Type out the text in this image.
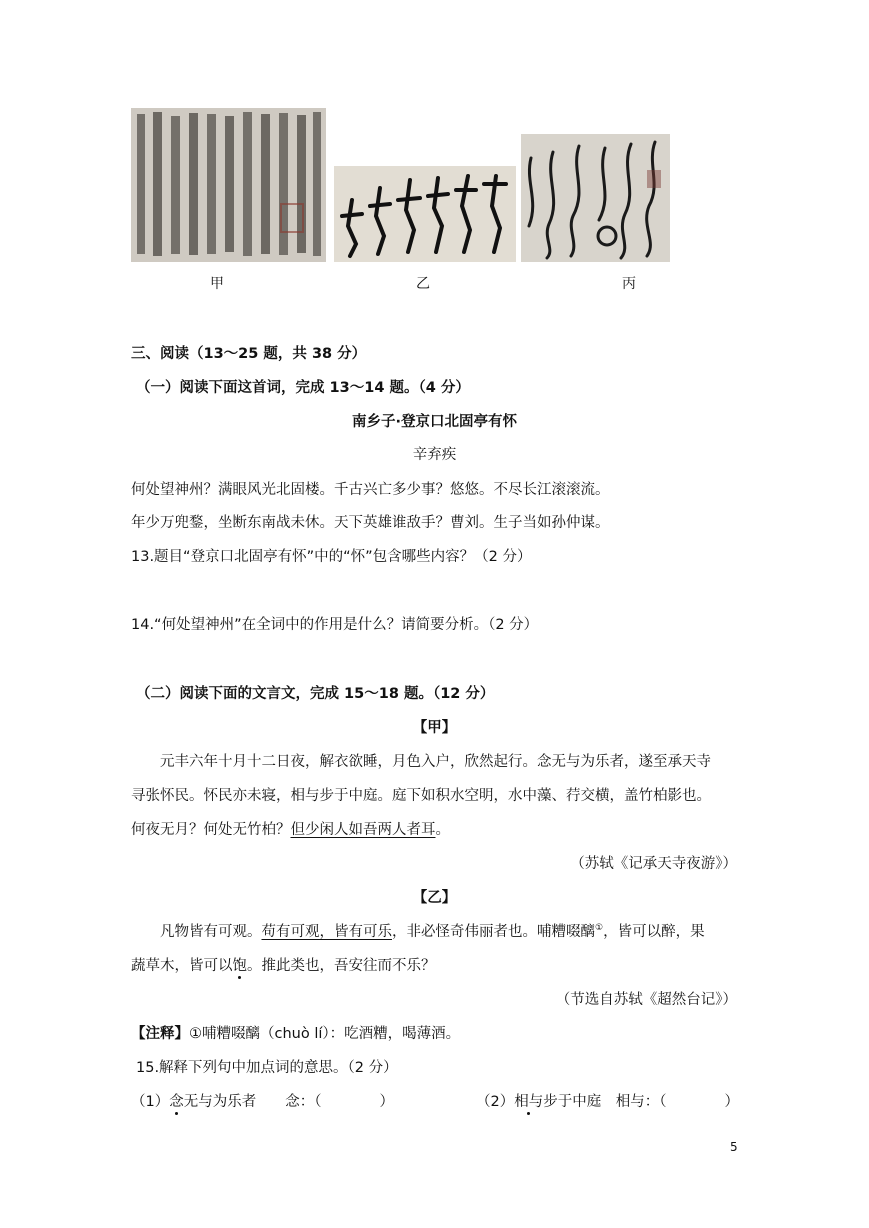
甲	乙	丙
三、阅读（13～25 题，共 38 分）
（一）阅读下面这首词，完成 13～14 题。（4 分）
南乡子·登京口北固亭有怀
辛弃疾
何处望神州？满眼风光北固楼。千古兴亡多少事？悠悠。不尽长江滚滚流。
年少万兜鍪，坐断东南战未休。天下英雄谁敌手？曹刘。生子当如孙仲谋。
13.题目“登京口北固亭有怀”中的“怀”包含哪些内容？（2 分）
14.“何处望神州”在全词中的作用是什么？请简要分析。（2 分）
（二）阅读下面的文言文，完成 15～18 题。（12 分）
【甲】
元丰六年十月十二日夜，解衣欲睡，月色入户，欣然起行。念无与为乐者，遂至承天寺
寻张怀民。怀民亦未寝，相与步于中庭。庭下如积水空明，水中藻、荇交横，盖竹柏影也。
何夜无月？何处无竹柏？但少闲人如吾两人者耳。
（苏轼《记承天寺夜游》）
【乙】
凡物皆有可观。苟有可观，皆有可乐，非必怪奇伟丽者也。哺糟啜醨①，皆可以醉，果
蔬草木，皆可以饱。推此类也，吾安往而不乐？
（节选自苏轼《超然台记》）
【注释】①哺糟啜醨（chuò lí）：吃酒糟，喝薄酒。
15.解释下列句中加点词的意思。（2 分）
（1）念无与为乐者　　念：（　　　　）	（2）相与步于中庭　相与：（　　　　）
5
